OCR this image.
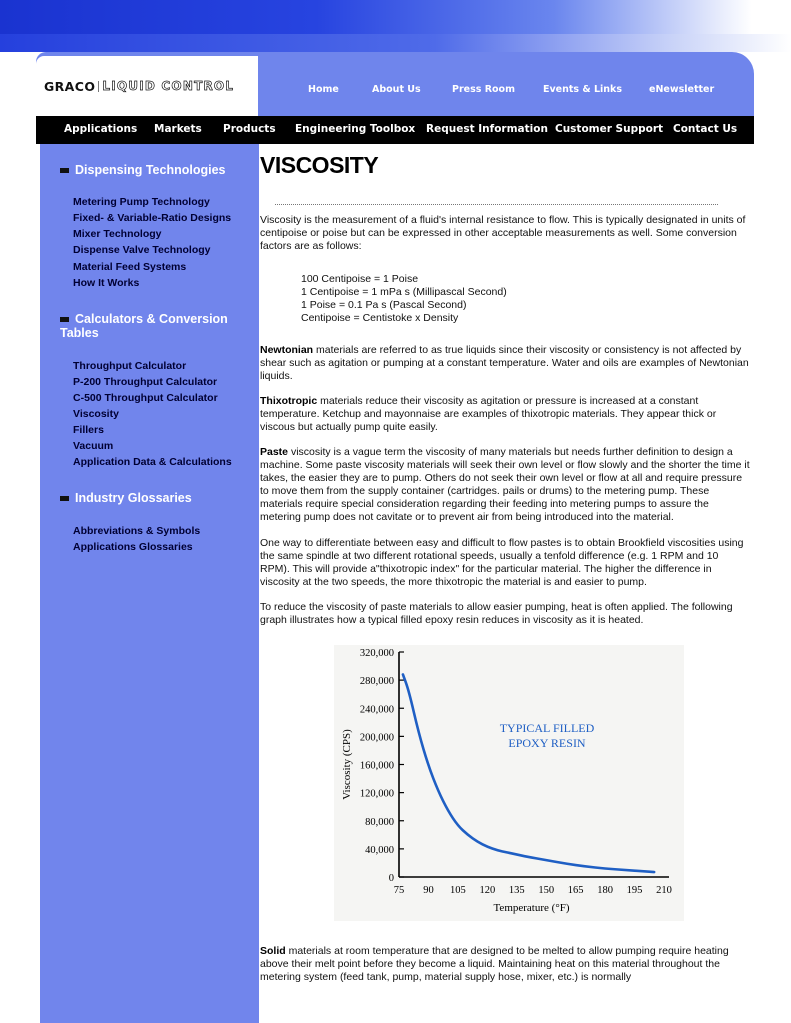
GRACO LIQUID CONTROL	Home	About Us	Press Room	Events & Links	eNewsletter
Applications Markets Products Engineering Toolbox Request Information Customer Support Contact Us
Dispensing Technologies
Metering Pump Technology
Fixed- & Variable-Ratio Designs
Mixer Technology
Dispense Valve Technology
Material Feed Systems
How It Works
Calculators & Conversion Tables
Throughput Calculator
P-200 Throughput Calculator
C-500 Throughput Calculator
Viscosity
Fillers
Vacuum
Application Data & Calculations
Industry Glossaries
Abbreviations & Symbols
Applications Glossaries
VISCOSITY

Viscosity is the measurement of a fluid's internal resistance to flow. This is typically designated in units of centipoise or poise but can be expressed in other acceptable measurements as well. Some conversion factors are as follows:

100 Centipoise = 1 Poise
1 Centipoise = 1 mPa s (Millipascal Second)
1 Poise = 0.1 Pa s (Pascal Second)
Centipoise = Centistoke x Density

Newtonian materials are referred to as true liquids since their viscosity or consistency is not affected by shear such as agitation or pumping at a constant temperature. Water and oils are examples of Newtonian liquids.

Thixotropic materials reduce their viscosity as agitation or pressure is increased at a constant temperature. Ketchup and mayonnaise are examples of thixotropic materials. They appear thick or viscous but actually pump quite easily.

Paste viscosity is a vague term the viscosity of many materials but needs further definition to design a machine. Some paste viscosity materials will seek their own level or flow slowly and the shorter the time it takes, the easier they are to pump. Others do not seek their own level or flow at all and require pressure to move them from the supply container (cartridges. pails or drums) to the metering pump. These materials require special consideration regarding their feeding into metering pumps to assure the metering pump does not cavitate or to prevent air from being introduced into the material.

One way to differentiate between easy and difficult to flow pastes is to obtain Brookfield viscosities using the same spindle at two different rotational speeds, usually a tenfold difference (e.g. 1 RPM and 10 RPM). This will provide a"thixotropic index" for the particular material. The higher the difference in viscosity at the two speeds, the more thixotropic the material is and easier to pump.

To reduce the viscosity of paste materials to allow easier pumping, heat is often applied. The following graph illustrates how a typical filled epoxy resin reduces in viscosity as it is heated.

0
40,000
80,000
120,000
160,000
200,000
240,000
280,000
320,000
75 90 105 120 135 150 165 180 195 210
TYPICAL FILLED
EPOXY RESIN
Temperature (°F)
Viscosity (CPS)

Solid materials at room temperature that are designed to be melted to allow pumping require heating above their melt point before they become a liquid. Maintaining heat on this material throughout the metering system (feed tank, pump, material supply hose, mixer, etc.) is normally
